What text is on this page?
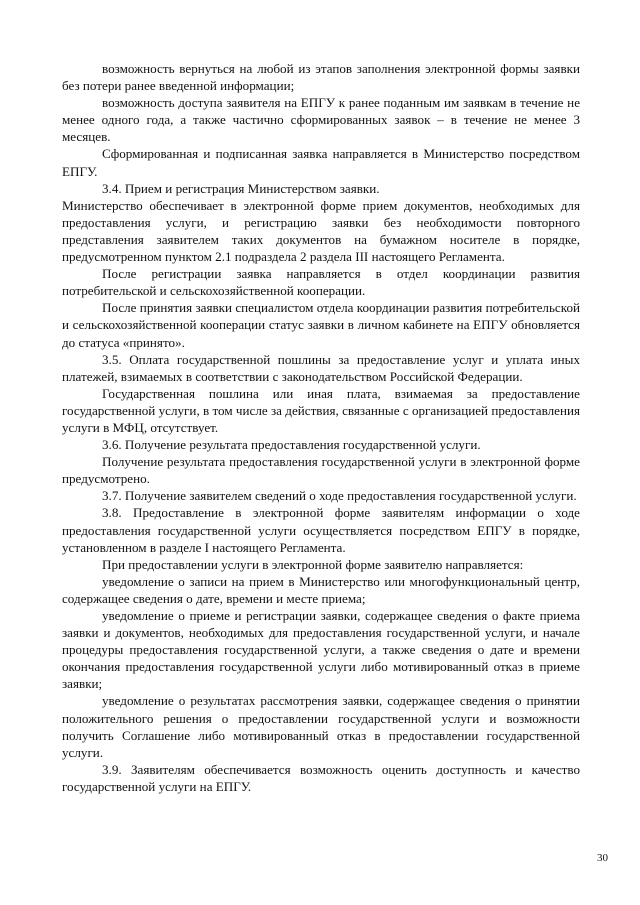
возможность вернуться на любой из этапов заполнения электронной формы заявки без потери ранее введенной информации;

возможность доступа заявителя на ЕПГУ к ранее поданным им заявкам в течение не менее одного года, а также частично сформированных заявок – в течение не менее 3 месяцев.

Сформированная и подписанная заявка направляется в Министерство посредством ЕПГУ.

3.4. Прием и регистрация Министерством заявки.

Министерство обеспечивает в электронной форме прием документов, необходимых для предоставления услуги, и регистрацию заявки без необходимости повторного представления заявителем таких документов на бумажном носителе в порядке, предусмотренном пунктом 2.1 подраздела 2 раздела III настоящего Регламента.

После регистрации заявка направляется в отдел координации развития потребительской и сельскохозяйственной кооперации.

После принятия заявки специалистом отдела координации развития потребительской и сельскохозяйственной кооперации статус заявки в личном кабинете на ЕПГУ обновляется до статуса «принято».

3.5. Оплата государственной пошлины за предоставление услуг и уплата иных платежей, взимаемых в соответствии с законодательством Российской Федерации.

Государственная пошлина или иная плата, взимаемая за предоставление государственной услуги, в том числе за действия, связанные с организацией предоставления услуги в МФЦ, отсутствует.

3.6. Получение результата предоставления государственной услуги.

Получение результата предоставления государственной услуги в электронной форме предусмотрено.

3.7. Получение заявителем сведений о ходе предоставления государственной услуги.

3.8. Предоставление в электронной форме заявителям информации о ходе предоставления государственной услуги осуществляется посредством ЕПГУ в порядке, установленном в разделе I настоящего Регламента.

При предоставлении услуги в электронной форме заявителю направляется:

уведомление о записи на прием в Министерство или многофункциональный центр, содержащее сведения о дате, времени и месте приема;

уведомление о приеме и регистрации заявки, содержащее сведения о факте приема заявки и документов, необходимых для предоставления государственной услуги, и начале процедуры предоставления государственной услуги, а также сведения о дате и времени окончания предоставления государственной услуги либо мотивированный отказ в приеме заявки;

уведомление о результатах рассмотрения заявки, содержащее сведения о принятии положительного решения о предоставлении государственной услуги и возможности получить Соглашение либо мотивированный отказ в предоставлении государственной услуги.

3.9. Заявителям обеспечивается возможность оценить доступность и качество государственной услуги на ЕПГУ.

30
